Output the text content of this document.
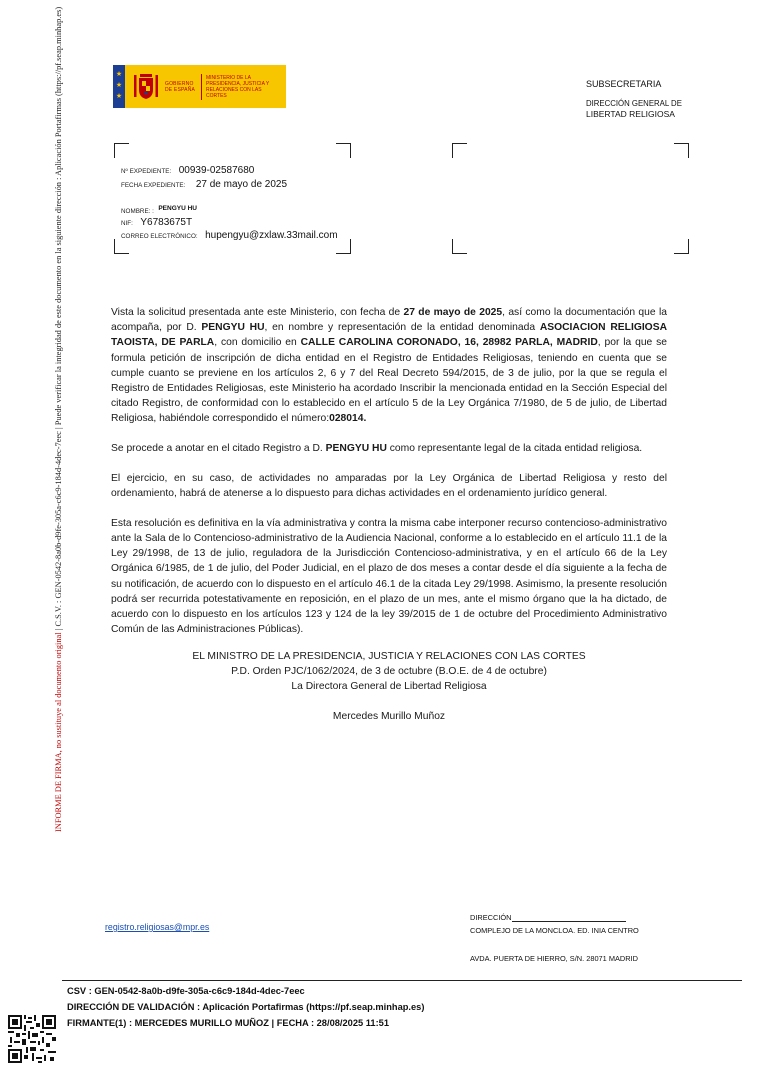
INFORME DE FIRMA, no sustituye al documento original | C.S.V. : GEN-0542-8a0b-d9fe-305a-c6c9-184d-4dec-7eec | Puede verificar la integridad de este documento en la siguiente dirección : Aplicación Portafirmas (https://pf.seap.minhap.es)	★
★
★
GOBIERNO DE ESPAÑA
MINISTERIO DE LA PRESIDENCIA, JUSTICIA Y RELACIONES CON LAS CORTES
SUBSECRETARIA
DIRECCIÓN GENERAL DE
LIBERTAD RELIGIOSA
Nº EXPEDIENTE: 00939-02587680
FECHA EXPEDIENTE: 27 de mayo de 2025
NOMBRE: : PENGYU HU
NIF: Y6783675T
CORREO ELECTRÓNICO: hupengyu@zxlaw.33mail.com

Vista la solicitud presentada ante este Ministerio, con fecha de 27 de mayo de 2025, así como la documentación que la acompaña, por D. PENGYU HU, en nombre y representación de la entidad denominada ASOCIACION RELIGIOSA TAOISTA, DE PARLA, con domicilio en CALLE CAROLINA CORONADO, 16, 28982 PARLA, MADRID, por la que se formula petición de inscripción de dicha entidad en el Registro de Entidades Religiosas, teniendo en cuenta que se cumple cuanto se previene en los artículos 2, 6 y 7 del Real Decreto 594/2015, de 3 de julio, por la que se regula el Registro de Entidades Religiosas, este Ministerio ha acordado Inscribir la mencionada entidad en la Sección Especial del citado Registro, de conformidad con lo establecido en el artículo 5 de la Ley Orgánica 7/1980, de 5 de julio, de Libertad Religiosa, habiéndole correspondido el número:028014.

Se procede a anotar en el citado Registro a D. PENGYU HU como representante legal de la citada entidad religiosa.

El ejercicio, en su caso, de actividades no amparadas por la Ley Orgánica de Libertad Religiosa y resto del ordenamiento, habrá de atenerse a lo dispuesto para dichas actividades en el ordenamiento jurídico general.

Esta resolución es definitiva en la vía administrativa y contra la misma cabe interponer recurso contencioso-administrativo ante la Sala de lo Contencioso-administrativo de la Audiencia Nacional, conforme a lo establecido en el artículo 11.1 de la Ley 29/1998, de 13 de julio, reguladora de la Jurisdicción Contencioso-administrativa, y en el artículo 66 de la Ley Orgánica 6/1985, de 1 de julio, del Poder Judicial, en el plazo de dos meses a contar desde el día siguiente a la fecha de su notificación, de acuerdo con lo dispuesto en el artículo 46.1 de la citada Ley 29/1998. Asimismo, la presente resolución podrá ser recurrida potestativamente en reposición, en el plazo de un mes, ante el mismo órgano que la ha dictado, de acuerdo con lo dispuesto en los artículos 123 y 124 de la ley 39/2015 de 1 de octubre del Procedimiento Administrativo Común de las Administraciones Públicas).

EL MINISTRO DE LA PRESIDENCIA, JUSTICIA Y RELACIONES CON LAS CORTES
P.D. Orden PJC/1062/2024, de 3 de octubre (B.O.E. de 4 de octubre)
La Directora General de Libertad Religiosa
Mercedes Murillo Muñoz
registro.religiosas@mpr.es
DIRECCIÓN
COMPLEJO DE LA MONCLOA. ED. INIA CENTRO
AVDA. PUERTA DE HIERRO, S/N. 28071 MADRID
CSV : GEN-0542-8a0b-d9fe-305a-c6c9-184d-4dec-7eec
DIRECCIÓN DE VALIDACIÓN : Aplicación Portafirmas (https://pf.seap.minhap.es)
FIRMANTE(1) : MERCEDES MURILLO MUÑOZ | FECHA : 28/08/2025 11:51
